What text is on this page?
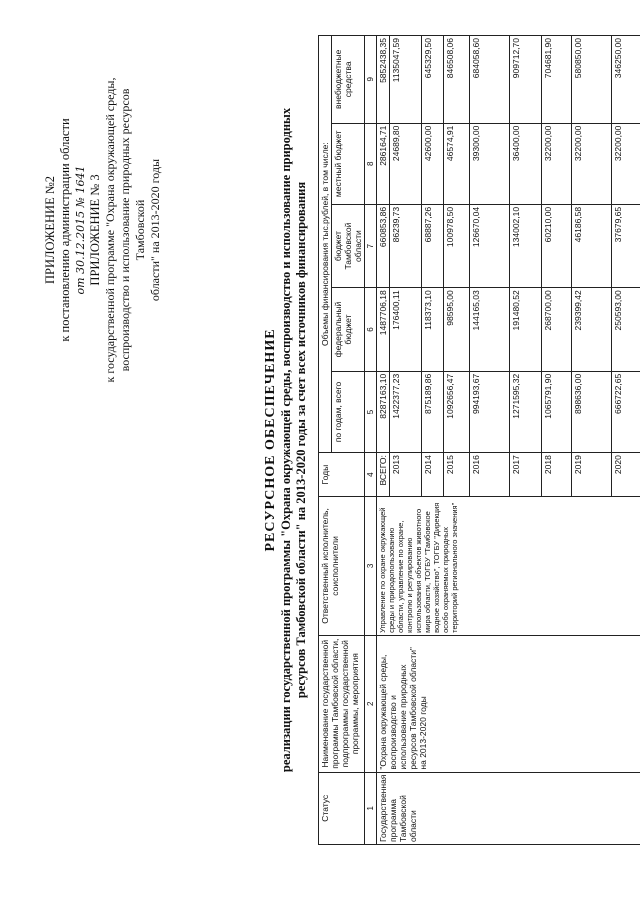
ПРИЛОЖЕНИЕ №2 к постановлению администрации области от 30.12.2015 № 1641 ПРИЛОЖЕНИЕ № 3 к государственной программе "Охрана окружающей среды, воспроизводство и использование природных ресурсов Тамбовской области" на 2013-2020 годы
РЕСУРСНОЕ ОБЕСПЕЧЕНИЕ реализации государственной программы "Охрана окружающей среды, воспроизводство и использование природных ресурсов Тамбовской области" на 2013-2020 годы за счет всех источников финансирования
Статус	Наименование государственной программы Тамбовской области, подпрограммы государственной программы, мероприятия	Ответственный исполнитель, соисполнители	Годы	Объемы финансирования тыс.рублей, в том числе:				
				по годам, всего	федеральный бюджет	бюджет Тамбовской области	местный бюджет	внебюджетные средства
1	2	3	4	5	6	7	8	9
Государственная программа Тамбовской области	"Охрана окружающей среды, воспроизводство и использование природных ресурсов Тамбовской области" на 2013-2020 годы	Управление по охране окружающей среды и природопользованию области, управление по охране, контролю и регулированию использования объектов животного мира области, ТОГБУ "Тамбовское водное хозяйство", ТОГБУ "Дирекция особо охраняемых природных территорий регионального значения"	ВСЕГО:	8287163,10	1487706,18	660853,86	286164,71	5852438,35
			2013	1422377,23	176400,11	86239,73	24689,80	1135047,59
			2014	875189,86	118373,10	68887,26	42600,00	645329,50
			2015	1092656,47	98595,00	100978,50	46574,91	846508,06
			2016	994193,67	144165,03	126670,04	39300,00	684058,60
			2017	1271595,32	191480,52	134002,10	36400,00	909712,70
			2018	1065791,90	268700,00	60210,00	32200,00	704681,90
			2019	898636,00	239399,42	46186,58	32200,00	580850,00
			2020	666722,65	250593,00	37679,65	32200,00	346250,00
